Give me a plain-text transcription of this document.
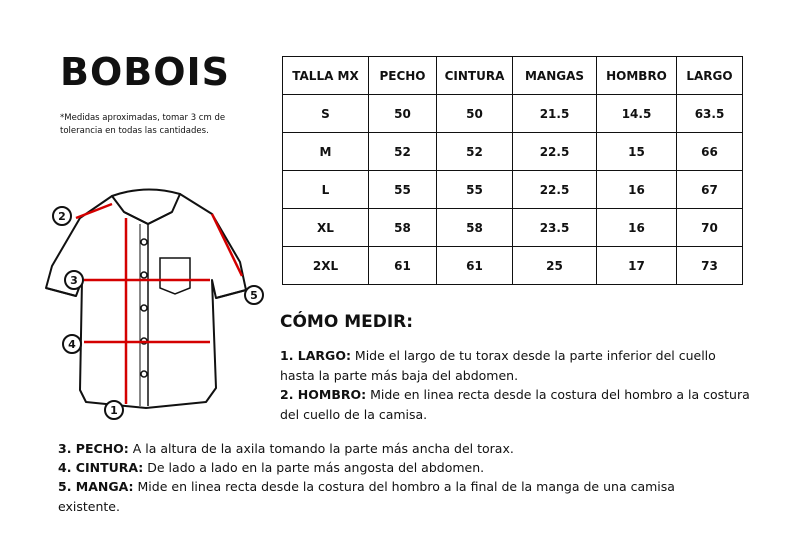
BOBOIS
*Medidas aproximadas, tomar 3 cm de tolerancia en todas las cantidades.
1
2
3
4
5
TALLA MX	PECHO	CINTURA	MANGAS	HOMBRO	LARGO
S	50	50	21.5	14.5	63.5
M	52	52	22.5	15	66
L	55	55	22.5	16	67
XL	58	58	23.5	16	70
2XL	61	61	25	17	73
CÓMO MEDIR:
1. LARGO: Mide el largo de tu torax desde la parte inferior del cuello hasta la parte más baja del abdomen.
2. HOMBRO: Mide en linea recta desde la costura del hombro a la costura del cuello de la camisa.
3. PECHO: A la altura de la axila tomando la parte más ancha del torax.
4. CINTURA: De lado a lado en la parte más angosta del abdomen.
5. MANGA: Mide en linea recta desde la costura del hombro a la final de la manga de una camisa existente.
